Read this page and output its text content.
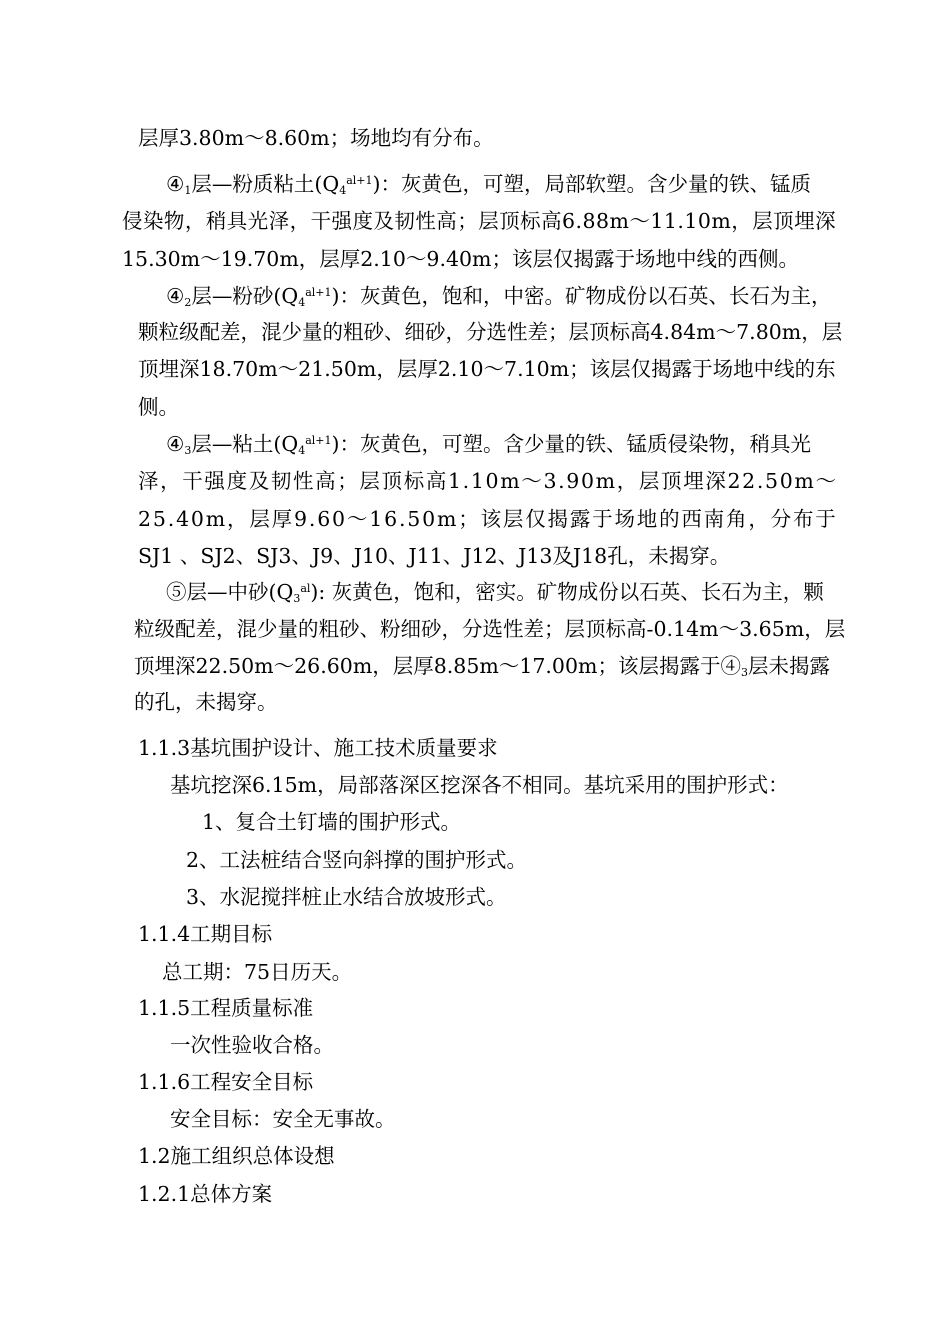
层厚3.80m～8.60m；场地均有分布。
$④_1$层—粉质粘土$(Q_4^{al+1})$：灰黄色，可塑，局部软塑。含少量的铁、锰质
侵 染 物 ， 稍 具 光 泽 ， 干 强 度 及 韧 性 高 ； 层 顶 标 高 6 . 8 8 m ～ 1 1 . 1 0 m ， 层 顶 埋 深
15.30m～19.70m，层厚2.10～9.40m；该层仅揭露于场地中线的西侧。
$④_2$层—粉砂$(Q_4^{al+1})$：灰黄色，饱和，中密。矿物成份以石英、长石为主，
颗 粒 级 配 差 ， 混 少 量 的 粗 砂 、 细 砂 ， 分 选 性 差 ； 层 顶 标 高 4 . 8 4 m ～ 7 . 8 0 m ， 层
顶 埋 深 1 8 . 7 0 m ～ 2 1 . 5 0 m ， 层 厚 2 . 1 0 ～ 7 . 1 0 m ； 该 层 仅 揭 露 于 场 地 中 线 的 东
侧。
$④_3$层—粘土$(Q_4^{al+1})$：灰黄色，可塑。含少量的铁、锰质侵染物，稍具光
泽 ， 干 强 度 及 韧 性 高 ； 层 顶 标 高 1 . 1 0 m ～ 3 . 9 0 m ， 层 顶 埋 深 2 2 . 5 0 m ～
2 5 . 4 0 m ， 层 厚 9 . 6 0 ～ 1 6 . 5 0 m ； 该 层 仅 揭 露 于 场 地 的 西 南 角 ， 分 布 于
SJ1 、SJ2、SJ3、J9、J10、J11、J12、J13及J18孔，未揭穿。
⑤层—中砂$(Q_3^{al})$: 灰黄色，饱和，密实。矿物成份以石英、长石为主，颗
粒 级 配 差 ， 混 少 量 的 粗 砂 、 粉 细 砂 ， 分 选 性 差 ； 层 顶 标 高 - 0 . 1 4 m ～ 3 . 6 5 m ， 层
顶埋深22.50m～26.60m，层厚8.85m～17.00m；该层揭露于$④_3$层未揭露
的孔，未揭穿。
1.1.3基坑围护设计、施工技术质量要求
基坑挖深6.15m，局部落深区挖深各不相同。基坑采用的围护形式：
1、复合土钉墙的围护形式。
2、工法桩结合竖向斜撑的围护形式。
3、水泥搅拌桩止水结合放坡形式。
1.1.4工期目标
总工期：75日历天。
1.1.5工程质量标准
一次性验收合格。
1.1.6工程安全目标
安全目标：安全无事故。
1.2施工组织总体设想
1.2.1总体方案
